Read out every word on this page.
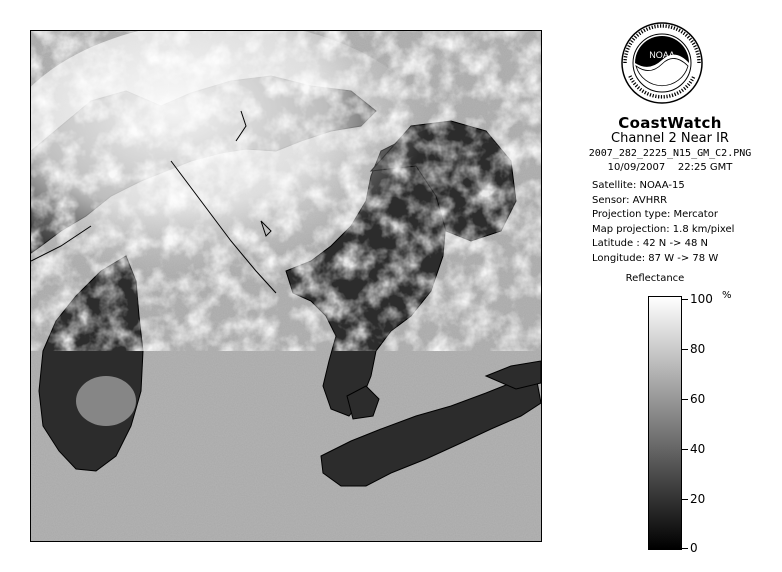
NOAA
CoastWatch
Channel 2 Near IR
2007_282_2225_N15_GM_C2.PNG
10/09/2007    22:25 GMT
Satellite: NOAA-15
Sensor: AVHRR
Projection type: Mercator
Map projection: 1.8 km/pixel
Latitude : 42 N -> 48 N
Longitude: 87 W -> 78 W
Reflectance
%
100
80
60
40
20
0
